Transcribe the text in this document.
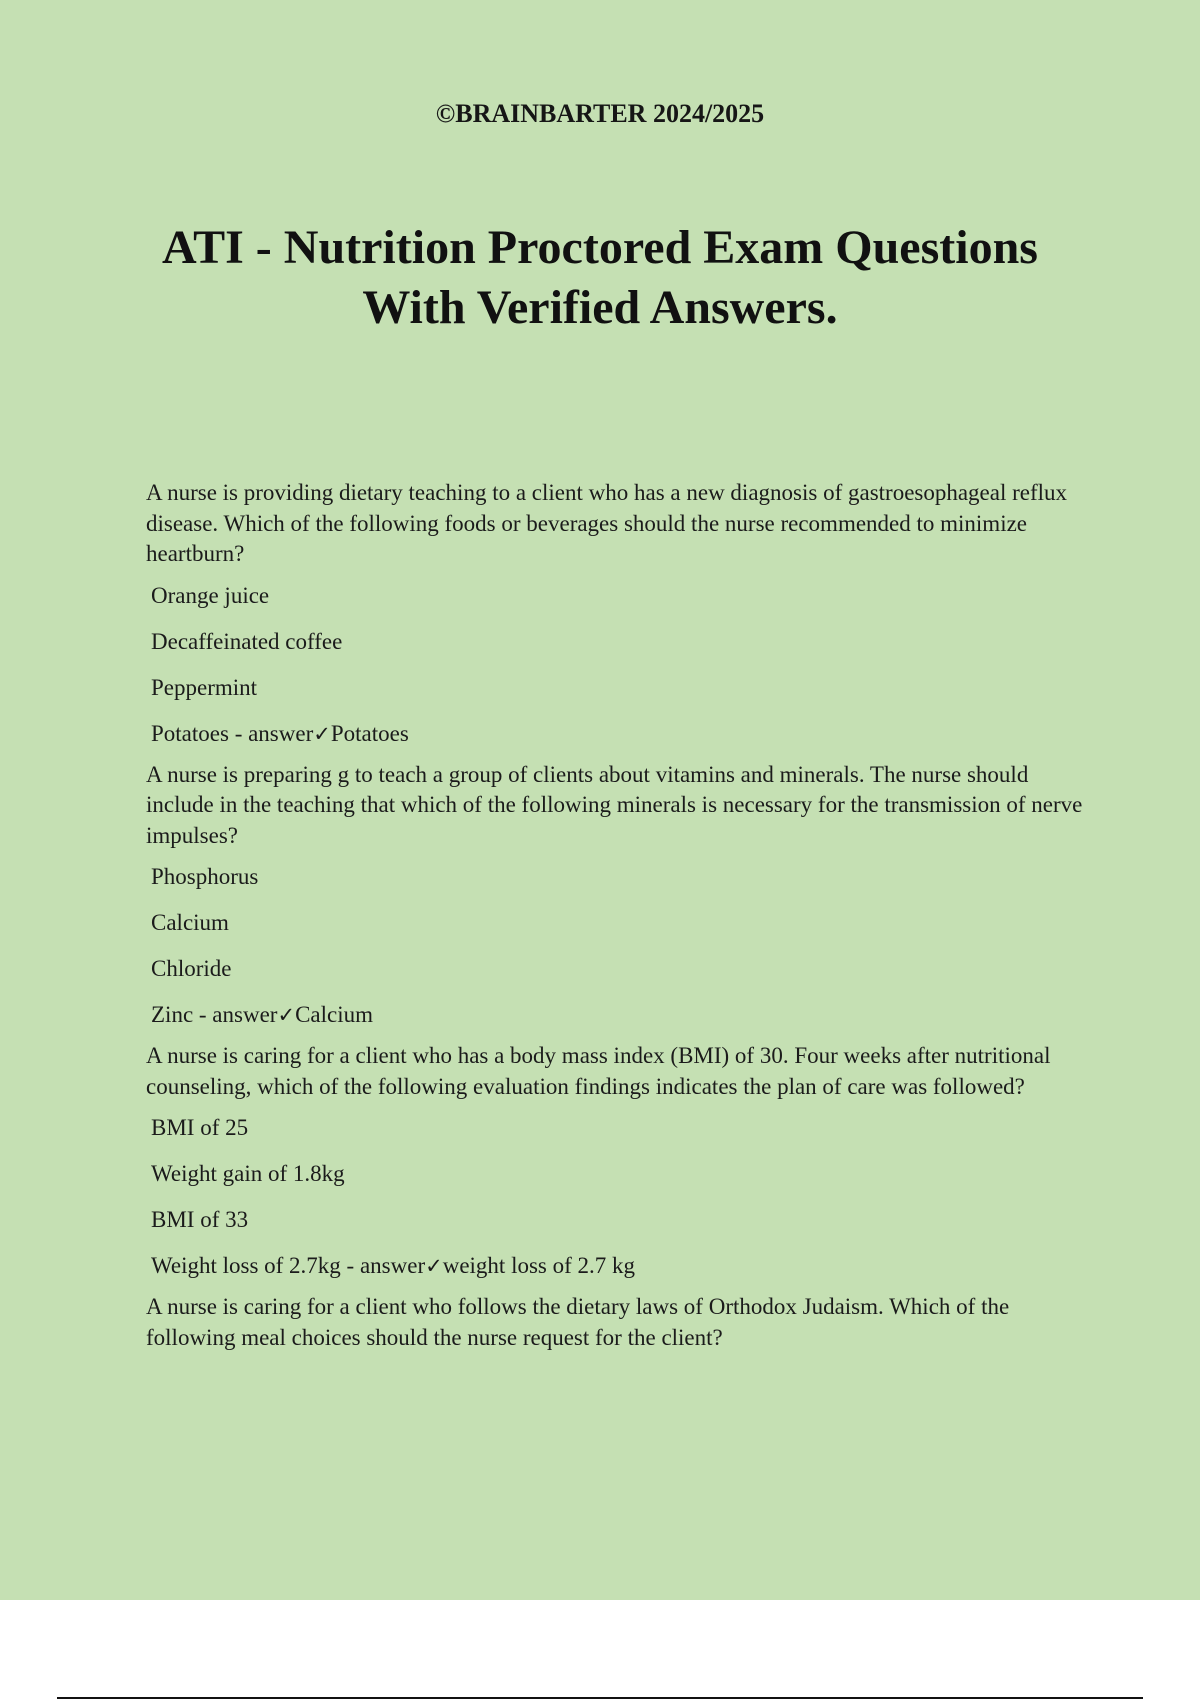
©BRAINBARTER 2024/2025
ATI - Nutrition Proctored Exam Questions
With Verified Answers.

A nurse is providing dietary teaching to a client who has a new diagnosis of gastroesophageal reflux disease. Which of the following foods or beverages should the nurse recommended to minimize heartburn?

Orange juice
Decaffeinated coffee
Peppermint
Potatoes - answer✓Potatoes

A nurse is preparing g to teach a group of clients about vitamins and minerals. The nurse should include in the teaching that which of the following minerals is necessary for the transmission of nerve impulses?

Phosphorus
Calcium
Chloride
Zinc - answer✓Calcium

A nurse is caring for a client who has a body mass index (BMI) of 30. Four weeks after nutritional counseling, which of the following evaluation findings indicates the plan of care was followed?

BMI of 25
Weight gain of 1.8kg
BMI of 33
Weight loss of 2.7kg - answer✓weight loss of 2.7 kg

A nurse is caring for a client who follows the dietary laws of Orthodox Judaism. Which of the following meal choices should the nurse request for the client?
